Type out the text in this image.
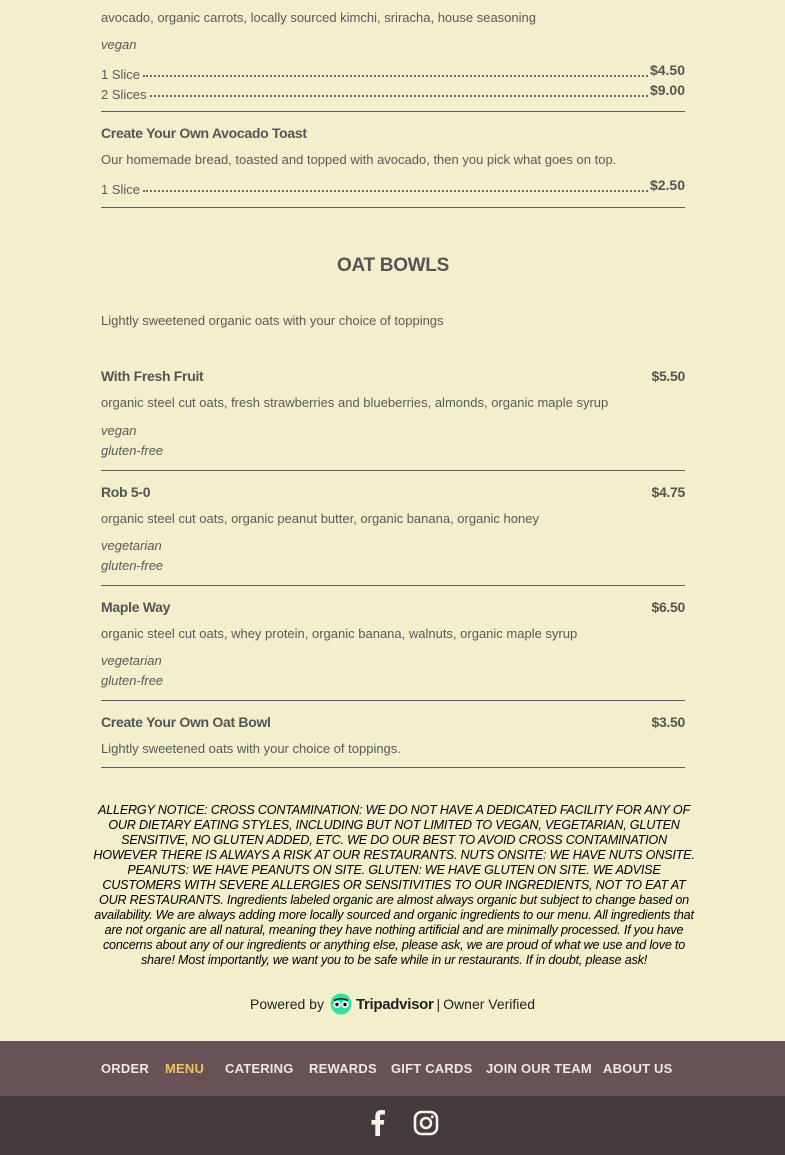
avocado, organic carrots, locally sourced kimchi, sriracha, house seasoning
vegan
1 Slice	$4.50
2 Slices	$9.00
Create Your Own Avocado Toast
Our homemade bread, toasted and topped with avocado, then you pick what goes on top.
1 Slice	$2.50
OAT BOWLS
Lightly sweetened organic oats with your choice of toppings
With Fresh Fruit	$5.50
organic steel cut oats, fresh strawberries and blueberries, almonds, organic maple syrup
vegan
gluten-free
Rob 5-0	$4.75
organic steel cut oats, organic peanut butter, organic banana, organic honey
vegetarian
gluten-free
Maple Way	$6.50
organic steel cut oats, whey protein, organic banana, walnuts, organic maple syrup
vegetarian
gluten-free
Create Your Own Oat Bowl	$3.50
Lightly sweetened oats with your choice of toppings.
ALLERGY NOTICE: CROSS CONTAMINATION: WE DO NOT HAVE A DEDICATED FACILITY FOR ANY OF OUR DIETARY EATING STYLES, INCLUDING BUT NOT LIMITED TO VEGAN, VEGETARIAN, GLUTEN SENSITIVE, NO GLUTEN ADDED, ETC. WE DO OUR BEST TO AVOID CROSS CONTAMINATION HOWEVER THERE IS ALWAYS A RISK AT OUR RESTAURANTS. NUTS ONSITE: WE HAVE NUTS ONSITE. PEANUTS: WE HAVE PEANUTS ON SITE. GLUTEN: WE HAVE GLUTEN ON SITE. WE ADVISE CUSTOMERS WITH SEVERE ALLERGIES OR SENSITIVITIES TO OUR INGREDIENTS, NOT TO EAT AT OUR RESTAURANTS. Ingredients labeled organic are almost always organic but subject to change based on availability. We are always adding more locally sourced and organic ingredients to our menu. All ingredients that are not organic are all natural, meaning they have nothing artificial and are minimally processed. If you have concerns about any of our ingredients or anything else, please ask, we are proud of what we use and love to share! Most importantly, we want you to be safe while in ur restaurants. If in doubt, please ask!
Powered by Tripadvisor | Owner Verified
ORDER MENU CATERING REWARDS GIFT CARDS JOIN OUR TEAM ABOUT US
